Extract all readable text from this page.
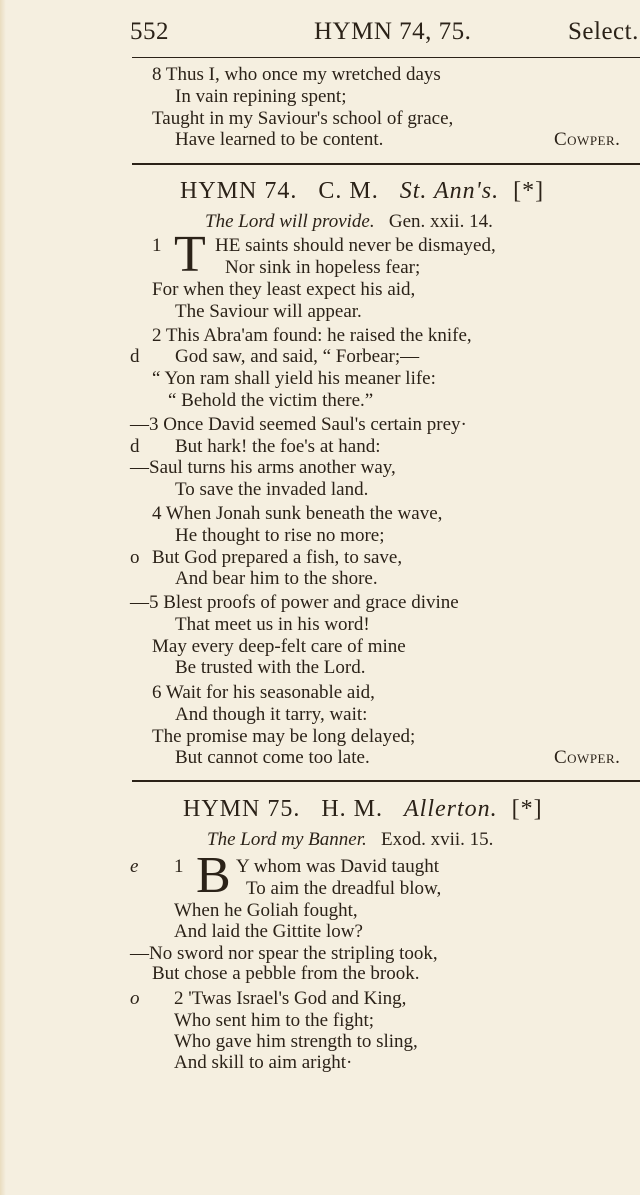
552	HYMN 74, 75.	Select.
8 Thus I, who once my wretched days
In vain repining spent;
Taught in my Saviour's school of grace,
Have learned to be content.	Cowper.
HYMN 74. C. M. St. Ann's. [*]
The Lord will provide. Gen. xxii. 14.
1 T HE saints should never be dismayed,
Nor sink in hopeless fear;
For when they least expect his aid,
The Saviour will appear.
2 This Abra'am found: he raised the knife,
d God saw, and said, “ Forbear;—
“ Yon ram shall yield his meaner life:
“ Behold the victim there.”
—3 Once David seemed Saul's certain prey·
d But hark! the foe's at hand:
—Saul turns his arms another way,
To save the invaded land.
4 When Jonah sunk beneath the wave,
He thought to rise no more;
o But God prepared a fish, to save,
And bear him to the shore.
—5 Blest proofs of power and grace divine
That meet us in his word!
May every deep-felt care of mine
Be trusted with the Lord.
6 Wait for his seasonable aid,
And though it tarry, wait:
The promise may be long delayed;
But cannot come too late.	Cowper.
HYMN 75. H. M. Allerton. [*]
The Lord my Banner. Exod. xvii. 15.
e 1 B Y whom was David taught
To aim the dreadful blow,
When he Goliah fought,
And laid the Gittite low?
—No sword nor spear the stripling took,
But chose a pebble from the brook.
o 2 'Twas Israel's God and King,
Who sent him to the fight;
Who gave him strength to sling,
And skill to aim aright·
